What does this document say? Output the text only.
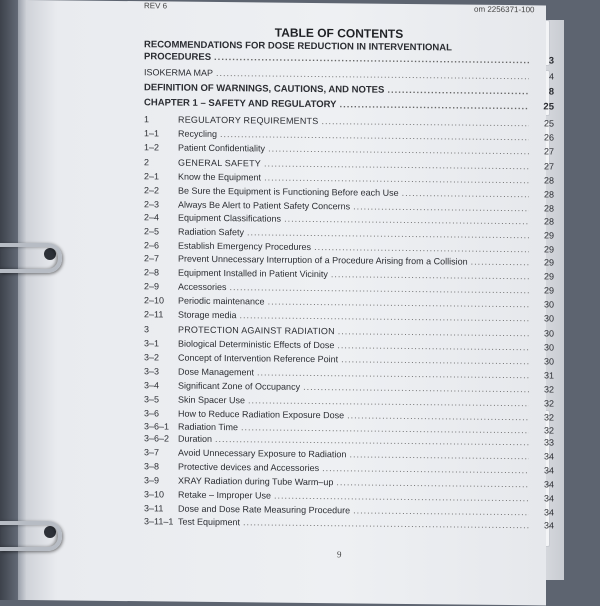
REV 6	om 2256371-100
TABLE OF CONTENTS
RECOMMENDATIONS FOR DOSE REDUCTION IN INTERVENTIONAL
PROCEDURES .....	3
ISOKERMA MAP .....	4
DEFINITION OF WARNINGS, CAUTIONS, AND NOTES .....	8
CHAPTER 1 – SAFETY AND REGULATORY .....	25
1	REGULATORY REQUIREMENTS .....	25
1–1	Recycling .....	26
1–2	Patient Confidentiality .....	27
2	GENERAL SAFETY .....	27
2–1	Know the Equipment .....	28
2–2	Be Sure the Equipment is Functioning Before each Use .....	28
2–3	Always Be Alert to Patient Safety Concerns .....	28
2–4	Equipment Classifications .....	28
2–5	Radiation Safety .....	29
2–6	Establish Emergency Procedures .....	29
2–7	Prevent Unnecessary Interruption of a Procedure Arising from a Collision .....	29
2–8	Equipment Installed in Patient Vicinity .....	29
2–9	Accessories .....	29
2–10	Periodic maintenance .....	30
2–11	Storage media .....	30
3	PROTECTION AGAINST RADIATION .....	30
3–1	Biological Deterministic Effects of Dose .....	30
3–2	Concept of Intervention Reference Point .....	30
3–3	Dose Management .....	31
3–4	Significant Zone of Occupancy .....	32
3–5	Skin Spacer Use .....	32
3–6	How to Reduce Radiation Exposure Dose .....	32
3–6–1 Radiation Time .....	32
3–6–2 Duration .....	33
3–7	Avoid Unnecessary Exposure to Radiation .....	34
3–8	Protective devices and Accessories .....	34
3–9	XRAY Radiation during Tube Warm–up .....	34
3–10	Retake – Improper Use .....	34
3–11	Dose and Dose Rate Measuring Procedure .....	34
3–11–1 Test Equipment .....	34
9
